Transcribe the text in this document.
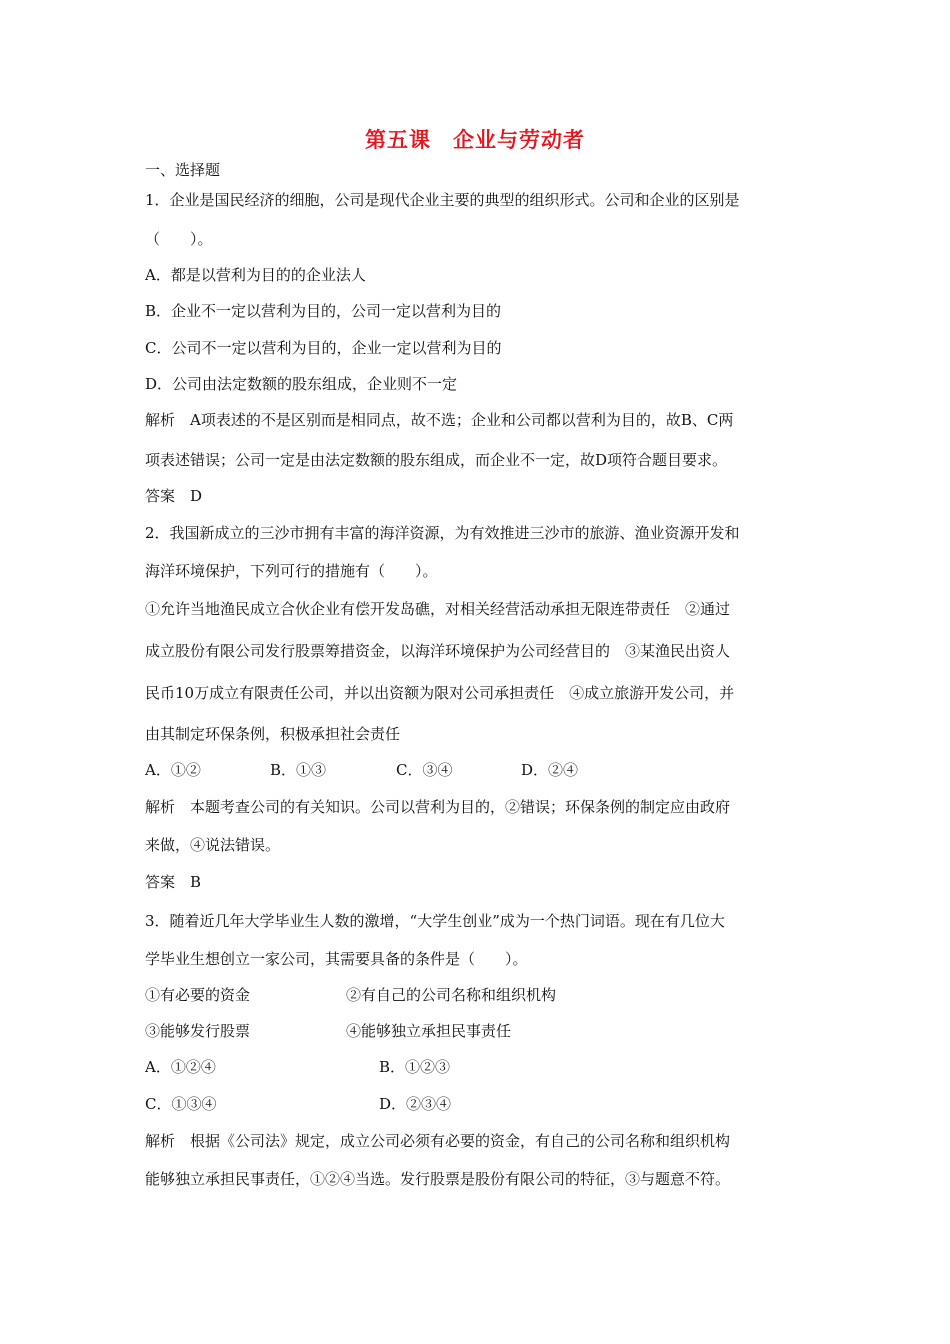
第五课　企业与劳动者
一、选择题
1．企业是国民经济的细胞，公司是现代企业主要的典型的组织形式。公司和企业的区别是
（　　）。
A．都是以营利为目的的企业法人
B．企业不一定以营利为目的，公司一定以营利为目的
C．公司不一定以营利为目的，企业一定以营利为目的
D．公司由法定数额的股东组成，企业则不一定
解析　A项表述的不是区别而是相同点，故不选；企业和公司都以营利为目的，故B、C两
项表述错误；公司一定是由法定数额的股东组成，而企业不一定，故D项符合题目要求。
答案　D
2．我国新成立的三沙市拥有丰富的海洋资源，为有效推进三沙市的旅游、渔业资源开发和
海洋环境保护，下列可行的措施有（　　）。
①允许当地渔民成立合伙企业有偿开发岛礁，对相关经营活动承担无限连带责任　②通过
成立股份有限公司发行股票筹措资金，以海洋环境保护为公司经营目的　③某渔民出资人
民币10万成立有限责任公司，并以出资额为限对公司承担责任　④成立旅游开发公司，并
由其制定环保条例，积极承担社会责任
A．①②	B．①③	C．③④	D．②④
解析　本题考查公司的有关知识。公司以营利为目的，②错误；环保条例的制定应由政府
来做，④说法错误。
答案　B
3．随着近几年大学毕业生人数的激增，“大学生创业”成为一个热门词语。现在有几位大
学毕业生想创立一家公司，其需要具备的条件是（　　）。
①有必要的资金	②有自己的公司名称和组织机构
③能够发行股票	④能够独立承担民事责任
A．①②④	B．①②③
C．①③④	D．②③④
解析　根据《公司法》规定，成立公司必须有必要的资金，有自己的公司名称和组织机构
能够独立承担民事责任，①②④当选。发行股票是股份有限公司的特征，③与题意不符。
